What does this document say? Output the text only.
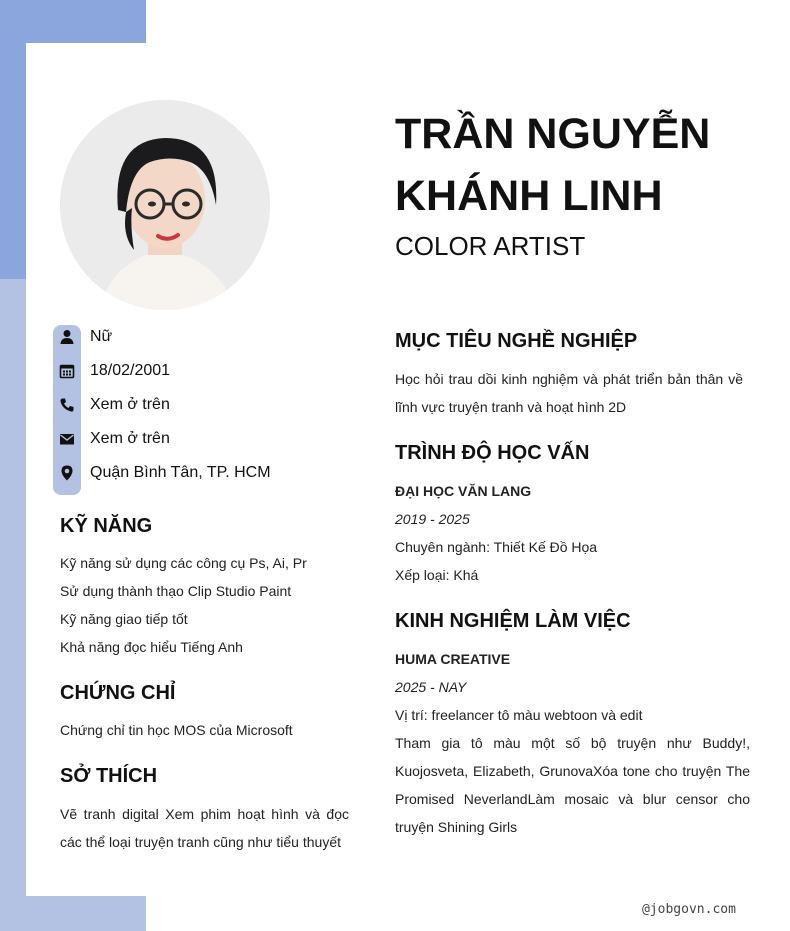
TRẦN NGUYỄN
KHÁNH LINH
COLOR ARTIST
Nữ
18/02/2001
Xem ở trên
Xem ở trên
Quận Bình Tân, TP. HCM
KỸ NĂNG
Kỹ năng sử dụng các công cụ Ps, Ai, Pr
Sử dụng thành thạo Clip Studio Paint
Kỹ năng giao tiếp tốt
Khả năng đọc hiểu Tiếng Anh
CHỨNG CHỈ
Chứng chỉ tin học MOS của Microsoft
SỞ THÍCH

Vẽ tranh digital Xem phim hoạt hình và đọc các thể loại truyện tranh cũng như tiểu thuyết

MỤC TIÊU NGHỀ NGHIỆP

Học hỏi trau dồi kinh nghiệm và phát triển bản thân về lĩnh vực truyện tranh và hoạt hình 2D

TRÌNH ĐỘ HỌC VẤN
ĐẠI HỌC VĂN LANG
2019 - 2025
Chuyên ngành: Thiết Kế Đồ Họa
Xếp loại: Khá
KINH NGHIỆM LÀM VIỆC
HUMA CREATIVE
2025 - NAY
Vị trí: freelancer tô màu webtoon và edit

Tham gia tô màu một số bộ truyện như Buddy!, Kuojosveta, Elizabeth, GrunovaXóa tone cho truyện The Promised NeverlandLàm mosaic và blur censor cho truyện Shining Girls

@jobgovn.com
